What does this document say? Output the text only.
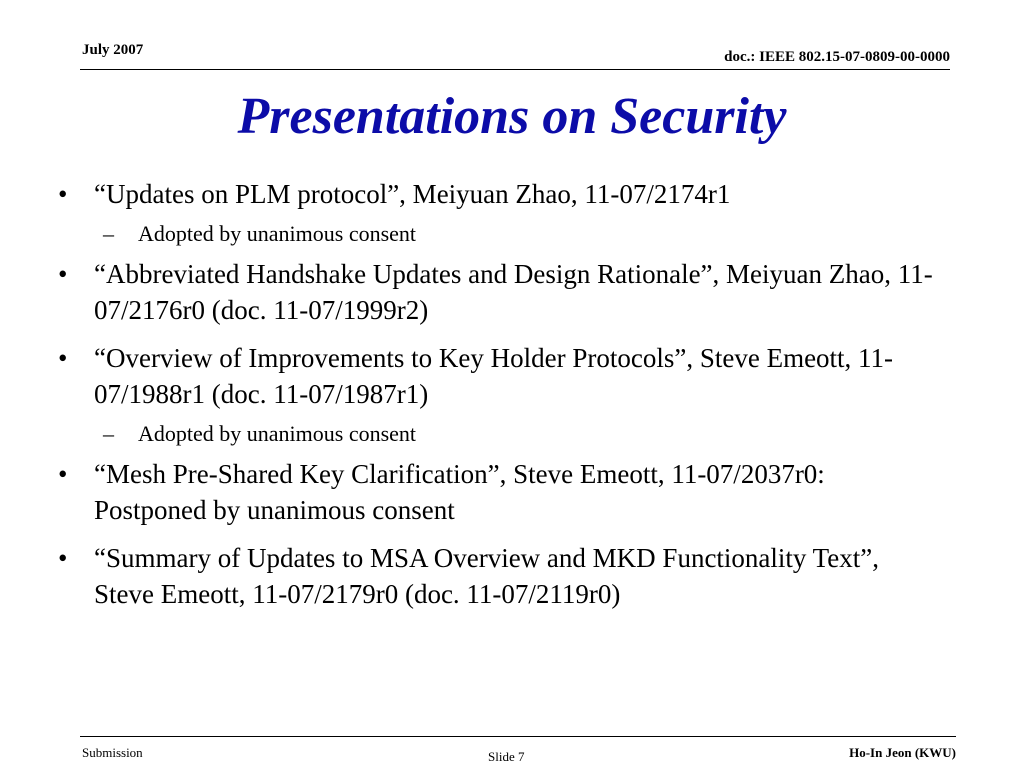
July 2007	doc.: IEEE 802.15-07-0809-00-0000
Presentations on Security
• “Updates on PLM protocol”, Meiyuan Zhao, 11-07/2174r1
– Adopted by unanimous consent
• “Abbreviated Handshake Updates and Design Rationale”, Meiyuan Zhao, 11-07/2176r0 (doc. 11-07/1999r2)
• “Overview of Improvements to Key Holder Protocols”, Steve Emeott, 11-07/1988r1 (doc. 11-07/1987r1)
– Adopted by unanimous consent
• “Mesh Pre-Shared Key Clarification”, Steve Emeott, 11-07/2037r0: Postponed by unanimous consent
• “Summary of Updates to MSA Overview and MKD Functionality Text”, Steve Emeott, 11-07/2179r0 (doc. 11-07/2119r0)
Submission	Slide 7	Ho-In Jeon (KWU)
